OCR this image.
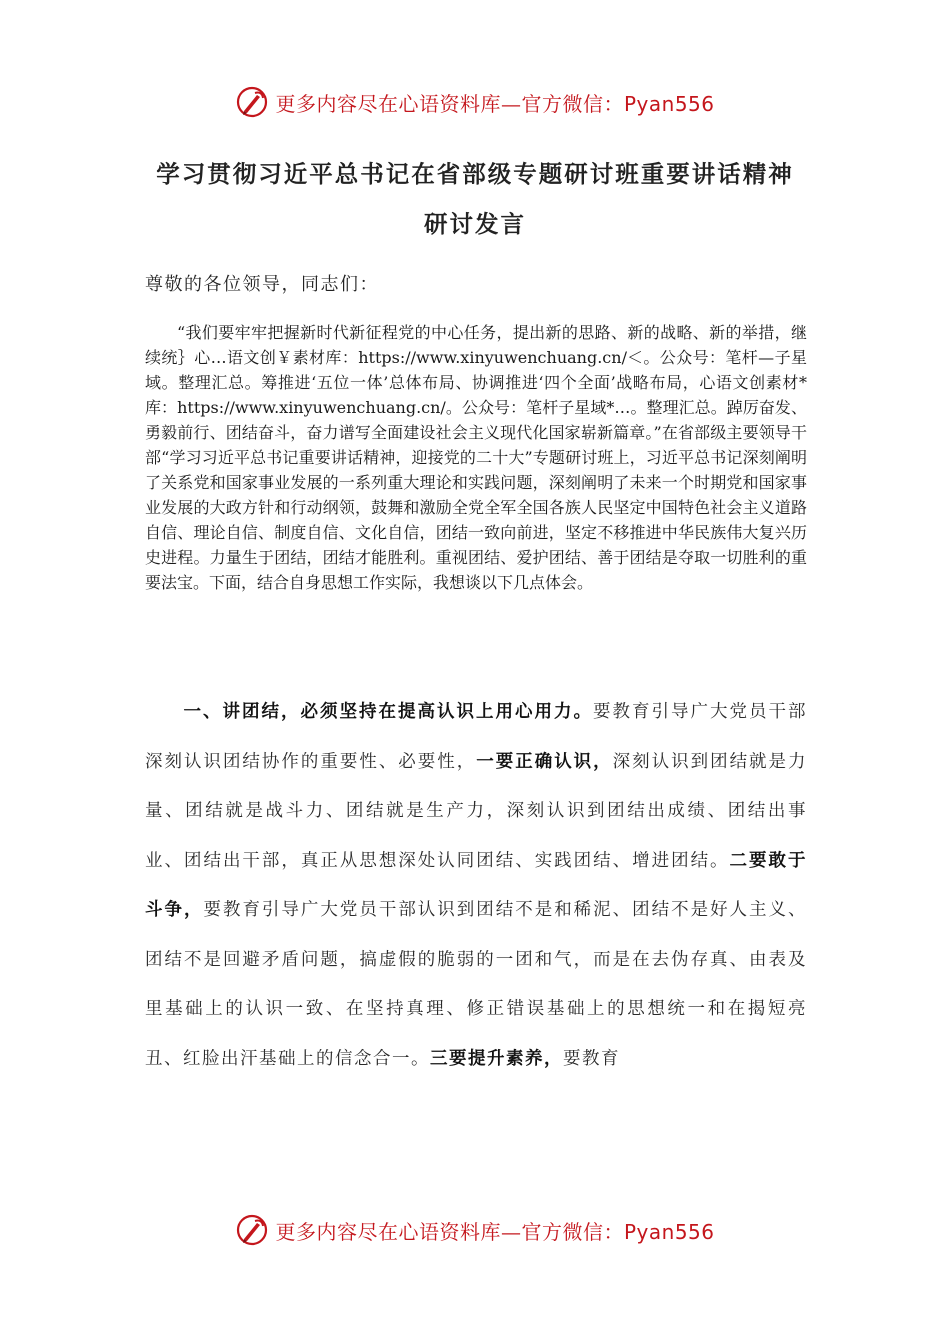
更多内容尽在心语资料库—官方微信：Pyan556
学习贯彻习近平总书记在省部级专题研讨班重要讲话精神
研讨发言
尊敬的各位领导，同志们：
“我们要牢牢把握新时代新征程党的中心任务，提出新的思路、新的战略、新的举措，继续统｝心…语文创￥素材库：https://www.xinyuwenchuang.cn/＜。公众号：笔杆—子星域。整理汇总。筹推进‘五位一体’总体布局、协调推进‘四个全面’战略布局，心语文创素材*库：https://www.xinyuwenchuang.cn/。公众号：笔杆子星域*…。整理汇总。踔厉奋发、勇毅前行、团结奋斗，奋力谱写全面建设社会主义现代化国家崭新篇章。”在省部级主要领导干部“学习习近平总书记重要讲话精神，迎接党的二十大”专题研讨班上，习近平总书记深刻阐明了关系党和国家事业发展的一系列重大理论和实践问题，深刻阐明了未来一个时期党和国家事业发展的大政方针和行动纲领，鼓舞和激励全党全军全国各族人民坚定中国特色社会主义道路自信、理论自信、制度自信、文化自信，团结一致向前进，坚定不移推进中华民族伟大复兴历史进程。力量生于团结，团结才能胜利。重视团结、爱护团结、善于团结是夺取一切胜利的重要法宝。下面，结合自身思想工作实际，我想谈以下几点体会。
一、讲团结，必须坚持在提高认识上用心用力。要教育引导广大党员干部深刻认识团结协作的重要性、必要性，一要正确认识，深刻认识到团结就是力量、团结就是战斗力、团结就是生产力，深刻认识到团结出成绩、团结出事业、团结出干部，真正从思想深处认同团结、实践团结、增进团结。二要敢于斗争，要教育引导广大党员干部认识到团结不是和稀泥、团结不是好人主义、团结不是回避矛盾问题，搞虚假的脆弱的一团和气，而是在去伪存真、由表及里基础上的认识一致、在坚持真理、修正错误基础上的思想统一和在揭短亮丑、红脸出汗基础上的信念合一。三要提升素养，要教育
更多内容尽在心语资料库—官方微信：Pyan556
